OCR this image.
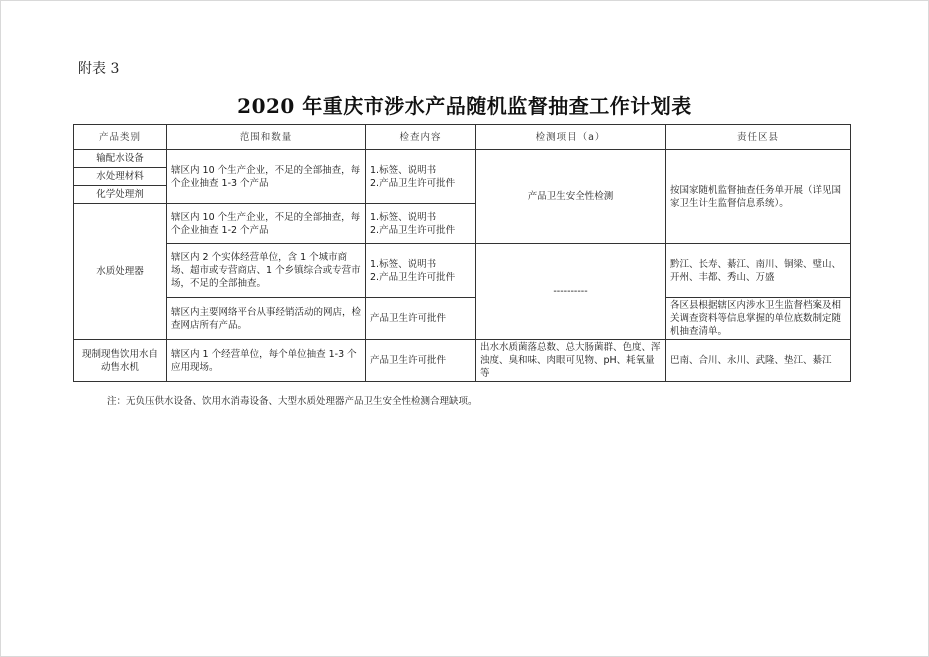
附表 3
2020 年重庆市涉水产品随机监督抽查工作计划表
产品类别	范围和数量	检查内容	检测项目（a）	责任区县
输配水设备	辖区内 10 个生产企业，不足的全部抽查，每个企业抽查 1-3 个产品	1.标签、说明书
2.产品卫生许可批件	产品卫生安全性检测	按国家随机监督抽查任务单开展（详见国家卫生计生监督信息系统）。
水处理材料				
化学处理剂				
水质处理器	辖区内 10 个生产企业，不足的全部抽查，每个企业抽查 1-2 个产品	1.标签、说明书
2.产品卫生许可批件		
	辖区内 2 个实体经营单位，含 1 个城市商场、超市或专营商店、1 个乡镇综合或专营市场，不足的全部抽查。	1.标签、说明书
2.产品卫生许可批件	----------	黔江、长寿、綦江、南川、铜梁、璧山、开州、丰都、秀山、万盛
	辖区内主要网络平台从事经销活动的网店，检查网店所有产品。	产品卫生许可批件		各区县根据辖区内涉水卫生监督档案及相关调查资料等信息掌握的单位底数制定随机抽查清单。
现制现售饮用水自动售水机	辖区内 1 个经营单位，每个单位抽查 1-3 个应用现场。	产品卫生许可批件	出水水质菌落总数、总大肠菌群、色度、浑浊度、臭和味、肉眼可见物、pH、耗氧量等	巴南、合川、永川、武隆、垫江、綦江
注：无负压供水设备、饮用水消毒设备、大型水质处理器产品卫生安全性检测合理缺项。
